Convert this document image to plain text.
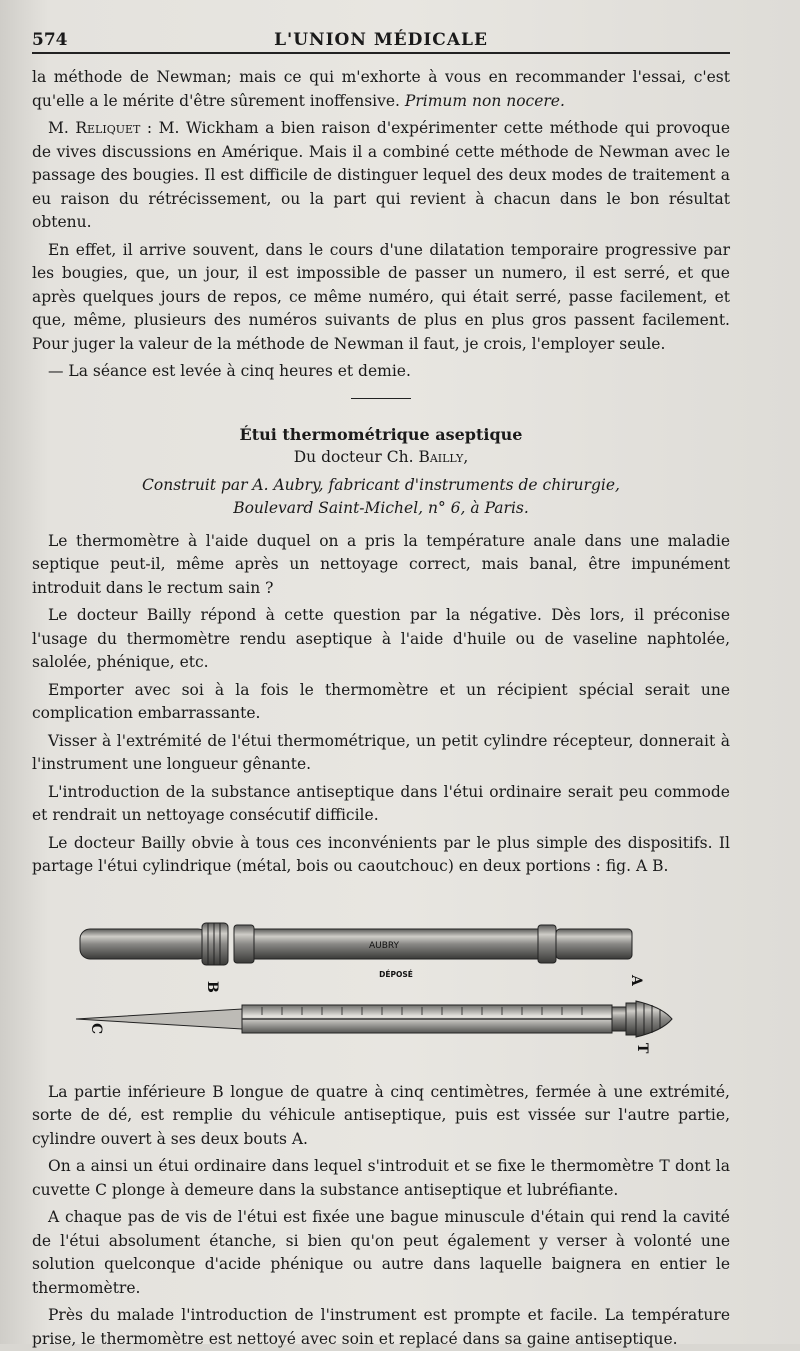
574	L'UNION MÉDICALE

la méthode de Newman; mais ce qui m'exhorte à vous en recommander l'essai, c'est qu'elle a le mérite d'être sûrement inoffensive. Primum non nocere.

M. Reliquet : M. Wickham a bien raison d'expérimenter cette méthode qui provoque de vives discussions en Amérique. Mais il a combiné cette méthode de Newman avec le passage des bougies. Il est difficile de distinguer lequel des deux modes de traitement a eu raison du rétrécissement, ou la part qui revient à chacun dans le bon résultat obtenu.

En effet, il arrive souvent, dans le cours d'une dilatation temporaire progressive par les bougies, que, un jour, il est impossible de passer un numero, il est serré, et que après quelques jours de repos, ce même numéro, qui était serré, passe facilement, et que, même, plusieurs des numéros suivants de plus en plus gros passent facilement. Pour juger la valeur de la méthode de Newman il faut, je crois, l'employer seule.

— La séance est levée à cinq heures et demie.

Étui thermométrique aseptique
Du docteur Ch. Bailly,
Construit par A. Aubry, fabricant d'instruments de chirurgie,
Boulevard Saint-Michel, n° 6, à Paris.

Le thermomètre à l'aide duquel on a pris la température anale dans une maladie septique peut-il, même après un nettoyage correct, mais banal, être impunément introduit dans le rectum sain ?

Le docteur Bailly répond à cette question par la négative. Dès lors, il préconise l'usage du thermomètre rendu aseptique à l'aide d'huile ou de vaseline naphtolée, salolée, phénique, etc.

Emporter avec soi à la fois le thermomètre et un récipient spécial serait une complication embarrassante.

Visser à l'extrémité de l'étui thermométrique, un petit cylindre récepteur, donnerait à l'instrument une longueur gênante.

L'introduction de la substance antiseptique dans l'étui ordinaire serait peu commode et rendrait un nettoyage consécutif difficile.

Le docteur Bailly obvie à tous ces inconvénients par le plus simple des dispositifs. Il partage l'étui cylindrique (métal, bois ou caoutchouc) en deux portions : fig. A B.

AUBRY
DÉPOSÉ
B
A
C
T

La partie inférieure B longue de quatre à cinq centimètres, fermée à une extrémité, sorte de dé, est remplie du véhicule antiseptique, puis est vissée sur l'autre partie, cylindre ouvert à ses deux bouts A.

On a ainsi un étui ordinaire dans lequel s'introduit et se fixe le thermomètre T dont la cuvette C plonge à demeure dans la substance antiseptique et lubréfiante.

A chaque pas de vis de l'étui est fixée une bague minuscule d'étain qui rend la cavité de l'étui absolument étanche, si bien qu'on peut également y verser à volonté une solution quelconque d'acide phénique ou autre dans laquelle baignera en entier le thermomètre.

Près du malade l'introduction de l'instrument est prompte et facile. La température prise, le thermomètre est nettoyé avec soin et replacé dans sa gaine antiseptique.
